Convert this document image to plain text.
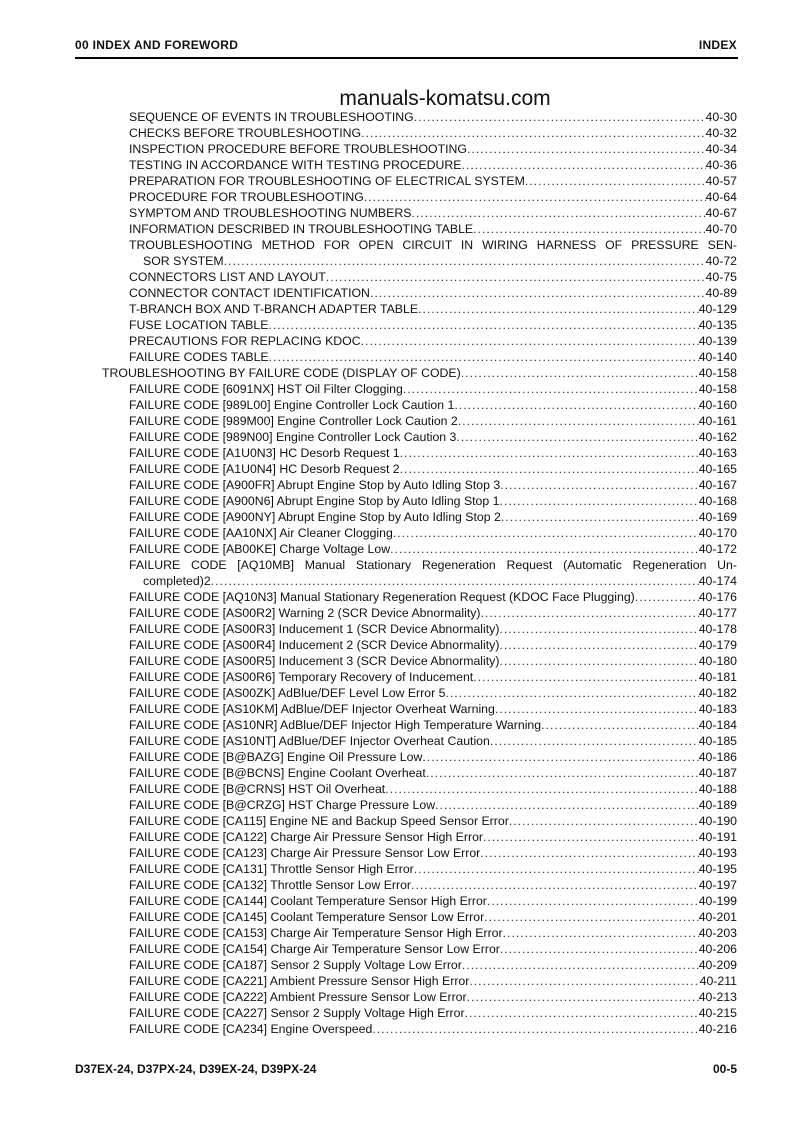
00 INDEX AND FOREWORD	INDEX
manuals-komatsu.com
SEQUENCE OF EVENTS IN TROUBLESHOOTING .....	40-30
CHECKS BEFORE TROUBLESHOOTING .....	40-32
INSPECTION PROCEDURE BEFORE TROUBLESHOOTING .....	40-34
TESTING IN ACCORDANCE WITH TESTING PROCEDURE .....	40-36
PREPARATION FOR TROUBLESHOOTING OF ELECTRICAL SYSTEM .....	40-57
PROCEDURE FOR TROUBLESHOOTING .....	40-64
SYMPTOM AND TROUBLESHOOTING NUMBERS .....	40-67
INFORMATION DESCRIBED IN TROUBLESHOOTING TABLE .....	40-70
TROUBLESHOOTING METHOD FOR OPEN CIRCUIT IN WIRING HARNESS OF PRESSURE SEN-
SOR SYSTEM .....	40-72
CONNECTORS LIST AND LAYOUT .....	40-75
CONNECTOR CONTACT IDENTIFICATION .....	40-89
T-BRANCH BOX AND T-BRANCH ADAPTER TABLE .....	40-129
FUSE LOCATION TABLE .....	40-135
PRECAUTIONS FOR REPLACING KDOC .....	40-139
FAILURE CODES TABLE .....	40-140
TROUBLESHOOTING BY FAILURE CODE (DISPLAY OF CODE) .....	40-158
FAILURE CODE [6091NX] HST Oil Filter Clogging .....	40-158
FAILURE CODE [989L00] Engine Controller Lock Caution 1 .....	40-160
FAILURE CODE [989M00] Engine Controller Lock Caution 2 .....	40-161
FAILURE CODE [989N00] Engine Controller Lock Caution 3 .....	40-162
FAILURE CODE [A1U0N3] HC Desorb Request 1 .....	40-163
FAILURE CODE [A1U0N4] HC Desorb Request 2 .....	40-165
FAILURE CODE [A900FR] Abrupt Engine Stop by Auto Idling Stop 3 .....	40-167
FAILURE CODE [A900N6] Abrupt Engine Stop by Auto Idling Stop 1 .....	40-168
FAILURE CODE [A900NY] Abrupt Engine Stop by Auto Idling Stop 2 .....	40-169
FAILURE CODE [AA10NX] Air Cleaner Clogging .....	40-170
FAILURE CODE [AB00KE] Charge Voltage Low .....	40-172
FAILURE CODE [AQ10MB] Manual Stationary Regeneration Request (Automatic Regeneration Un-
completed)2 .....	40-174
FAILURE CODE [AQ10N3] Manual Stationary Regeneration Request (KDOC Face Plugging) .....	40-176
FAILURE CODE [AS00R2] Warning 2 (SCR Device Abnormality) .....	40-177
FAILURE CODE [AS00R3] Inducement 1 (SCR Device Abnormality) .....	40-178
FAILURE CODE [AS00R4] Inducement 2 (SCR Device Abnormality) .....	40-179
FAILURE CODE [AS00R5] Inducement 3 (SCR Device Abnormality) .....	40-180
FAILURE CODE [AS00R6] Temporary Recovery of Inducement .....	40-181
FAILURE CODE [AS00ZK] AdBlue/DEF Level Low Error 5 .....	40-182
FAILURE CODE [AS10KM] AdBlue/DEF Injector Overheat Warning .....	40-183
FAILURE CODE [AS10NR] AdBlue/DEF Injector High Temperature Warning .....	40-184
FAILURE CODE [AS10NT] AdBlue/DEF Injector Overheat Caution .....	40-185
FAILURE CODE [B@BAZG] Engine Oil Pressure Low .....	40-186
FAILURE CODE [B@BCNS] Engine Coolant Overheat .....	40-187
FAILURE CODE [B@CRNS] HST Oil Overheat .....	40-188
FAILURE CODE [B@CRZG] HST Charge Pressure Low .....	40-189
FAILURE CODE [CA115] Engine NE and Backup Speed Sensor Error .....	40-190
FAILURE CODE [CA122] Charge Air Pressure Sensor High Error .....	40-191
FAILURE CODE [CA123] Charge Air Pressure Sensor Low Error .....	40-193
FAILURE CODE [CA131] Throttle Sensor High Error .....	40-195
FAILURE CODE [CA132] Throttle Sensor Low Error .....	40-197
FAILURE CODE [CA144] Coolant Temperature Sensor High Error .....	40-199
FAILURE CODE [CA145] Coolant Temperature Sensor Low Error .....	40-201
FAILURE CODE [CA153] Charge Air Temperature Sensor High Error .....	40-203
FAILURE CODE [CA154] Charge Air Temperature Sensor Low Error .....	40-206
FAILURE CODE [CA187] Sensor 2 Supply Voltage Low Error .....	40-209
FAILURE CODE [CA221] Ambient Pressure Sensor High Error .....	40-211
FAILURE CODE [CA222] Ambient Pressure Sensor Low Error .....	40-213
FAILURE CODE [CA227] Sensor 2 Supply Voltage High Error .....	40-215
FAILURE CODE [CA234] Engine Overspeed .....	40-216
D37EX-24, D37PX-24, D39EX-24, D39PX-24	00-5
